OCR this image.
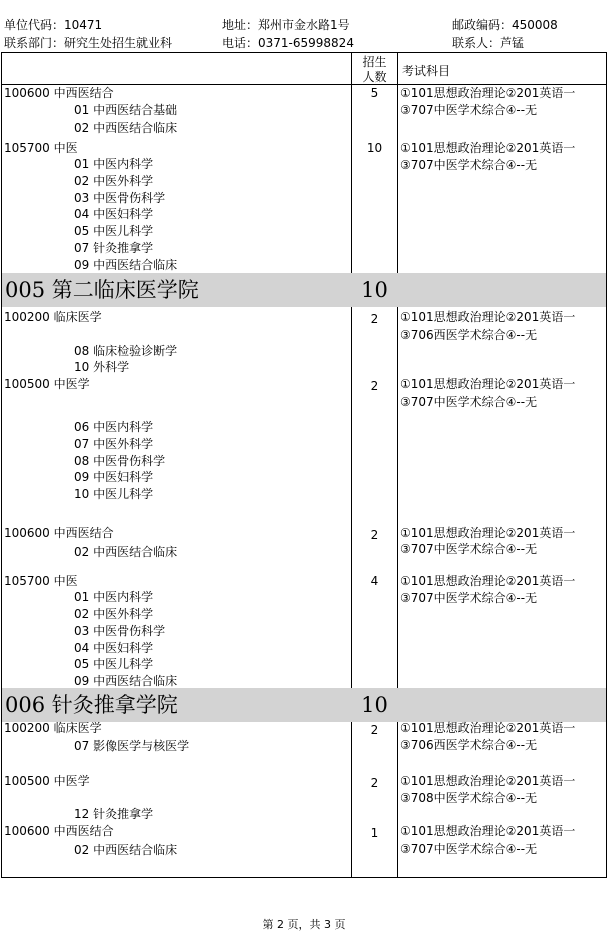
单位代码：10471	地址：郑州市金水路1号	邮政编码：450008
联系部门：研究生处招生就业科	电话：0371-65998824	联系人：芦锰
招生
人数	考试科目
100600 中西医结合	5	①101思想政治理论②201英语一
③707中医学术综合④--无
01 中西医结合基础
02 中西医结合临床
105700 中医	10	①101思想政治理论②201英语一
③707中医学术综合④--无
01 中医内科学
02 中医外科学
03 中医骨伤科学
04 中医妇科学
05 中医儿科学
07 针灸推拿学
09 中西医结合临床
005 第二临床医学院	10
100200 临床医学	2	①101思想政治理论②201英语一
③706西医学术综合④--无
08 临床检验诊断学
10 外科学
100500 中医学	2	①101思想政治理论②201英语一
③707中医学术综合④--无
06 中医内科学
07 中医外科学
08 中医骨伤科学
09 中医妇科学
10 中医儿科学
100600 中西医结合	2	①101思想政治理论②201英语一
③707中医学术综合④--无
02 中西医结合临床
105700 中医	4	①101思想政治理论②201英语一
③707中医学术综合④--无
01 中医内科学
02 中医外科学
03 中医骨伤科学
04 中医妇科学
05 中医儿科学
09 中西医结合临床
006 针灸推拿学院	10
100200 临床医学	2	①101思想政治理论②201英语一
③706西医学术综合④--无
07 影像医学与核医学
100500 中医学	2	①101思想政治理论②201英语一
③708中医学术综合④--无
12 针灸推拿学
100600 中西医结合	1	①101思想政治理论②201英语一
③707中医学术综合④--无
02 中西医结合临床
第 2 页，共 3 页
